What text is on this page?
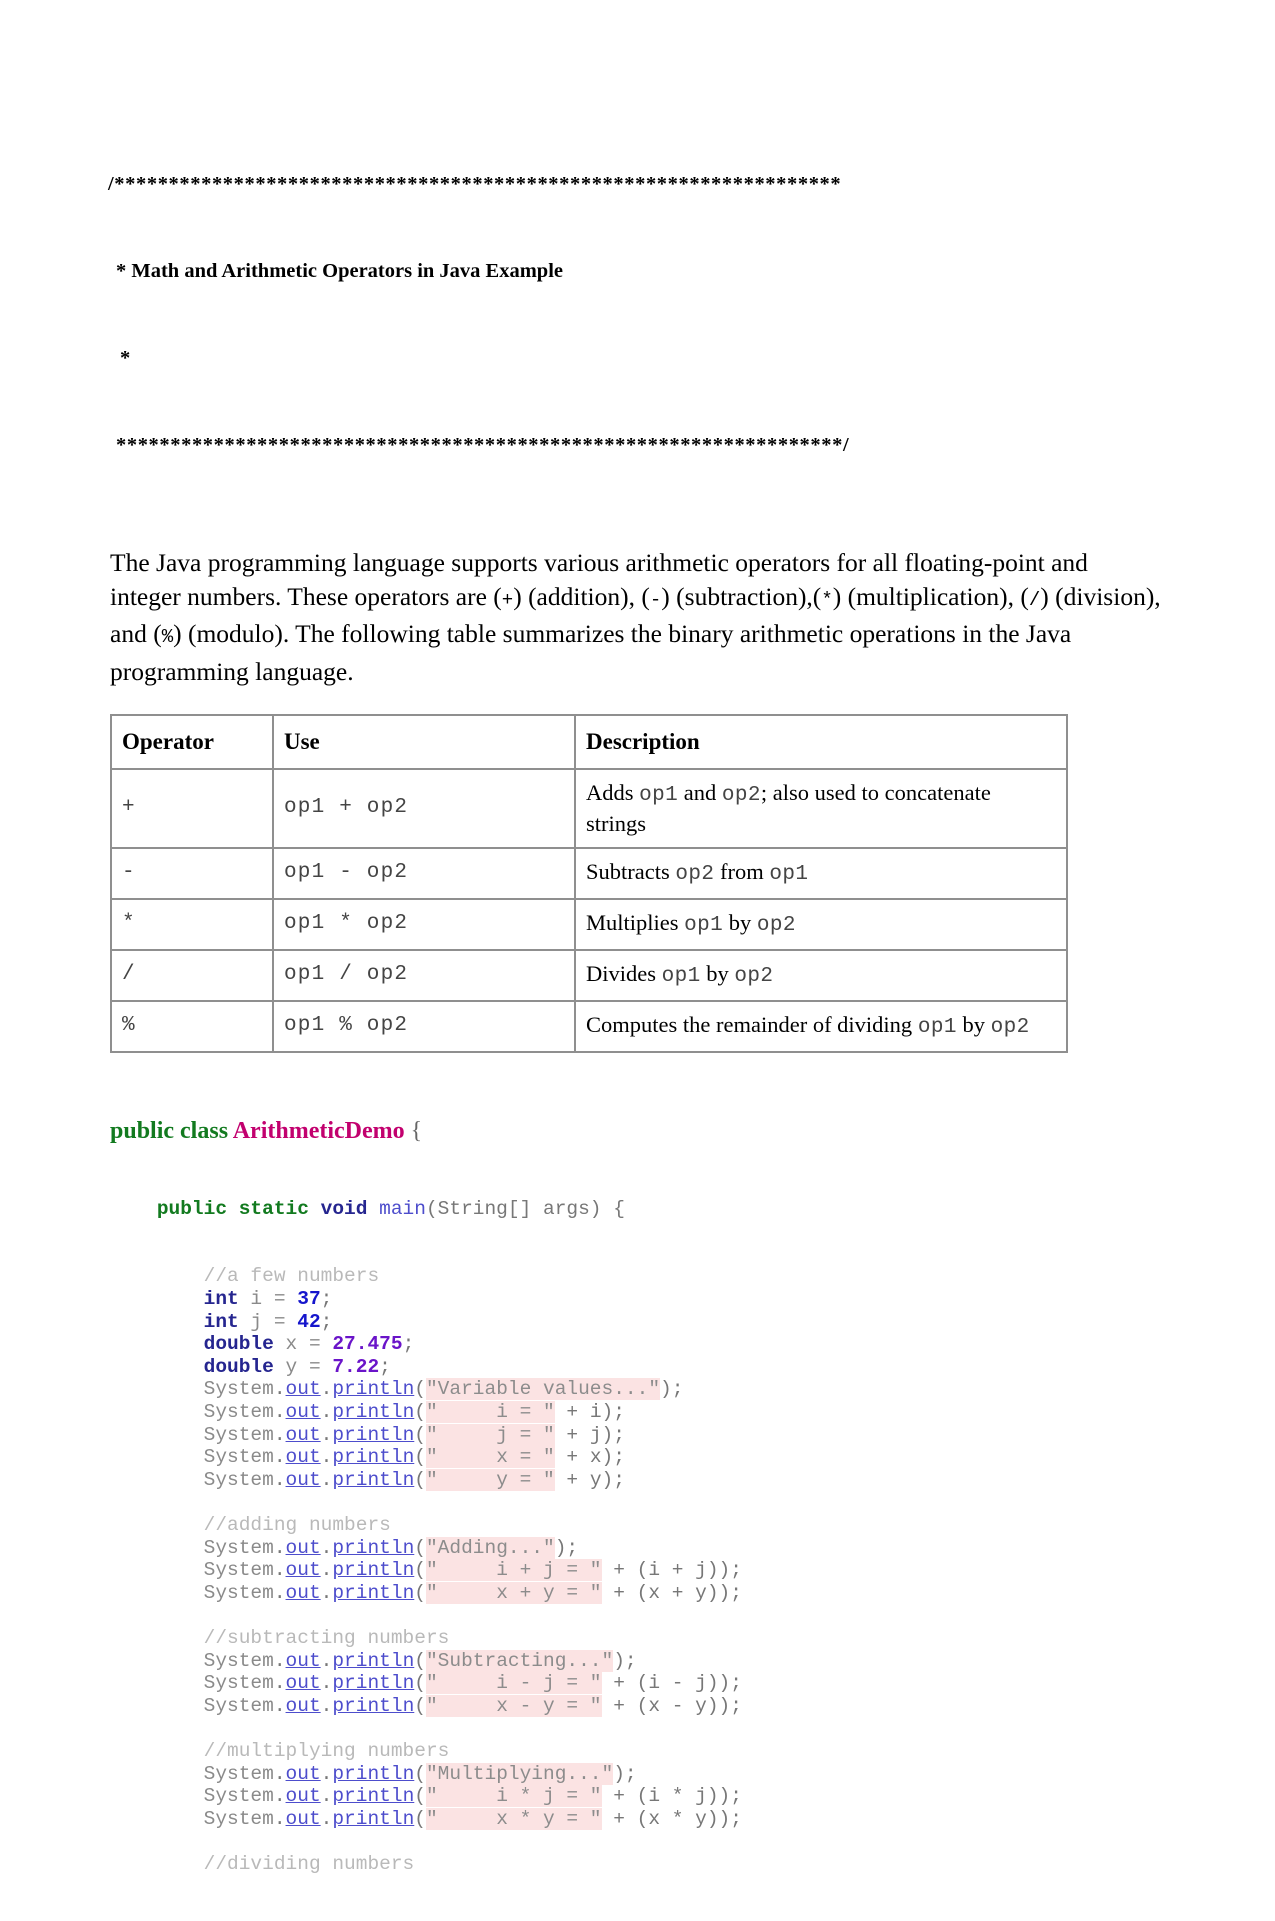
/*******************************************************************

* Math and Arithmetic Operators in Java Example

*

*******************************************************************/

The Java programming language supports various arithmetic operators for all floating-point and integer numbers. These operators are (+) (addition), (-) (subtraction),(*) (multiplication), (/) (division), and (%) (modulo). The following table summarizes the binary arithmetic operations in the Java programming language.

Operator	Use	Description
+	op1 + op2	Adds op1 and op2; also used to concatenate strings
-	op1 - op2	Subtracts op2 from op1
*	op1 * op2	Multiplies op1 by op2
/	op1 / op2	Divides op1 by op2
%	op1 % op2	Computes the remainder of dividing op1 by op2
public class ArithmeticDemo {

public static void main(String[] args) {

//a few numbers
int i = 37;
int j = 42;
double x = 27.475;
double y = 7.22;
System.out.println("Variable values...");
System.out.println("     i = " + i);
System.out.println("     j = " + j);
System.out.println("     x = " + x);
System.out.println("     y = " + y);

//adding numbers
System.out.println("Adding...");
System.out.println("     i + j = " + (i + j));
System.out.println("     x + y = " + (x + y));

//subtracting numbers
System.out.println("Subtracting...");
System.out.println("     i - j = " + (i - j));
System.out.println("     x - y = " + (x - y));

//multiplying numbers
System.out.println("Multiplying...");
System.out.println("     i * j = " + (i * j));
System.out.println("     x * y = " + (x * y));

//dividing numbers
